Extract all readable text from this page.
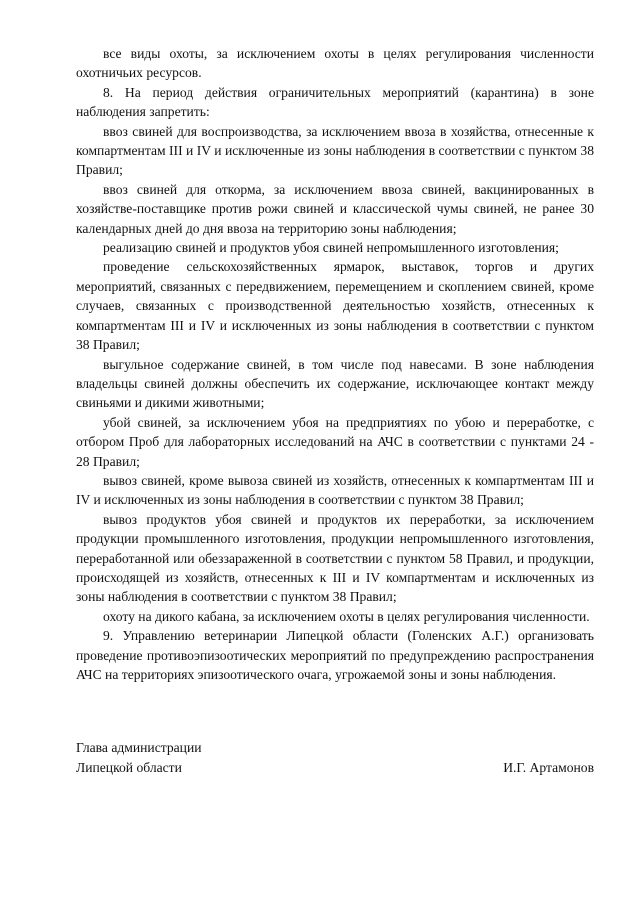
все виды охоты, за исключением охоты в целях регулирования численности охотничьих ресурсов.

8. На период действия ограничительных мероприятий (карантина) в зоне наблюдения запретить:

ввоз свиней для воспроизводства, за исключением ввоза в хозяйства, отнесенные к компартментам III и IV и исключенные из зоны наблюдения в соответствии с пунктом 38 Правил;

ввоз свиней для откорма, за исключением ввоза свиней, вакцинированных в хозяйстве-поставщике против рожи свиней и классической чумы свиней, не ранее 30 календарных дней до дня ввоза на территорию зоны наблюдения;

реализацию свиней и продуктов убоя свиней непромышленного изготовления;

проведение сельскохозяйственных ярмарок, выставок, торгов и других мероприятий, связанных с передвижением, перемещением и скоплением свиней, кроме случаев, связанных с производственной деятельностью хозяйств, отнесенных к компартментам III и IV и исключенных из зоны наблюдения в соответствии с пунктом 38 Правил;

выгульное содержание свиней, в том числе под навесами. В зоне наблюдения владельцы свиней должны обеспечить их содержание, исключающее контакт между свиньями и дикими животными;

убой свиней, за исключением убоя на предприятиях по убою и переработке, с отбором Проб для лабораторных исследований на АЧС в соответствии с пунктами 24 - 28 Правил;

вывоз свиней, кроме вывоза свиней из хозяйств, отнесенных к компартментам III и IV и исключенных из зоны наблюдения в соответствии с пунктом 38 Правил;

вывоз продуктов убоя свиней и продуктов их переработки, за исключением продукции промышленного изготовления, продукции непромышленного изготовления, переработанной или обеззараженной в соответствии с пунктом 58 Правил, и продукции, происходящей из хозяйств, отнесенных к III и IV компартментам и исключенных из зоны наблюдения в соответствии с пунктом 38 Правил;

охоту на дикого кабана, за исключением охоты в целях регулирования численности.

9. Управлению ветеринарии Липецкой области (Голенских А.Г.) организовать проведение противоэпизоотических мероприятий по предупреждению распространения АЧС на территориях эпизоотического очага, угрожаемой зоны и зоны наблюдения.

Глава администрации
Липецкой области	И.Г. Артамонов
